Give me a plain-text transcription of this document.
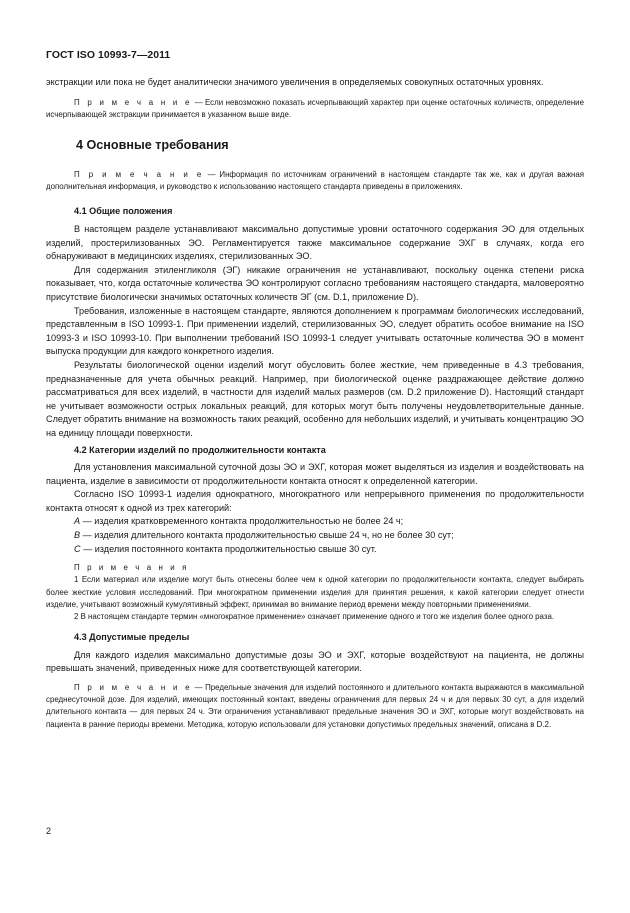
ГОСТ ISO 10993-7—2011

экстракции или пока не будет аналитически значимого увеличения в определяемых совокупных остаточных уровнях.

П р и м е ч а н и е — Если невозможно показать исчерпывающий характер при оценке остаточных количеств, определение исчерпывающей экстракции принимается в указанном выше виде.

4 Основные требования

П р и м е ч а н и е — Информация по источникам ограничений в настоящем стандарте так же, как и другая важная дополнительная информация, и руководство к использованию настоящего стандарта приведены в приложениях.

4.1 Общие положения

В настоящем разделе устанавливают максимально допустимые уровни остаточного содержания ЭО для отдельных изделий, простерилизованных ЭО. Регламентируется также максимальное содержание ЭХГ в случаях, когда его обнаруживают в медицинских изделиях, стерилизованных ЭО.

Для содержания этиленгликоля (ЭГ) никакие ограничения не устанавливают, поскольку оценка степени риска показывает, что, когда остаточные количества ЭО контролируют согласно требованиям настоящего стандарта, маловероятно присутствие биологически значимых остаточных количеств ЭГ (см. D.1, приложение D).

Требования, изложенные в настоящем стандарте, являются дополнением к программам биологических исследований, представленным в ISO 10993-1. При применении изделий, стерилизованных ЭО, следует обратить особое внимание на ISO 10993-3 и ISO 10993-10. При выполнении требований ISO 10993-1 следует учитывать остаточные количества ЭО в момент выпуска продукции для каждого конкретного изделия.

Результаты биологической оценки изделий могут обусловить более жесткие, чем приведенные в 4.3 требования, предназначенные для учета обычных реакций. Например, при биологической оценке раздражающее действие должно рассматриваться для всех изделий, в частности для изделий малых размеров (см. D.2 приложение D). Настоящий стандарт не учитывает возможности острых локальных реакций, для которых могут быть получены неудовлетворительные данные. Следует обратить внимание на возможность таких реакций, особенно для небольших изделий, и учитывать концентрацию ЭО на единицу площади поверхности.

4.2 Категории изделий по продолжительности контакта

Для установления максимальной суточной дозы ЭО и ЭХГ, которая может выделяться из изделия и воздействовать на пациента, изделие в зависимости от продолжительности контакта относят к определенной категории.

Согласно ISO 10993-1 изделия однократного, многократного или непрерывного применения по продолжительности контакта относят к одной из трех категорий:

А — изделия кратковременного контакта продолжительностью не более 24 ч;

В — изделия длительного контакта продолжительностью свыше 24 ч, но не более 30 сут;

С — изделия постоянного контакта продолжительностью свыше 30 сут.

П р и м е ч а н и я

1 Если материал или изделие могут быть отнесены более чем к одной категории по продолжительности контакта, следует выбирать более жесткие условия исследований. При многократном применении изделия для принятия решения, к какой категории следует отнести изделие, учитывают возможный кумулятивный эффект, принимая во внимание период времени между повторными применениями.

2 В настоящем стандарте термин «многократное применение» означает применение одного и того же изделия более одного раза.

4.3 Допустимые пределы

Для каждого изделия максимально допустимые дозы ЭО и ЭХГ, которые воздействуют на пациента, не должны превышать значений, приведенных ниже для соответствующей категории.

П р и м е ч а н и е — Предельные значения для изделий постоянного и длительного контакта выражаются в максимальной среднесуточной дозе. Для изделий, имеющих постоянный контакт, введены ограничения для первых 24 ч и для первых 30 сут, а для изделий длительного контакта — для первых 24 ч. Эти ограничения устанавливают предельные значения ЭО и ЭХГ, которые могут воздействовать на пациента в ранние периоды времени. Методика, которую использовали для установки допустимых предельных значений, описана в D.2.

2
